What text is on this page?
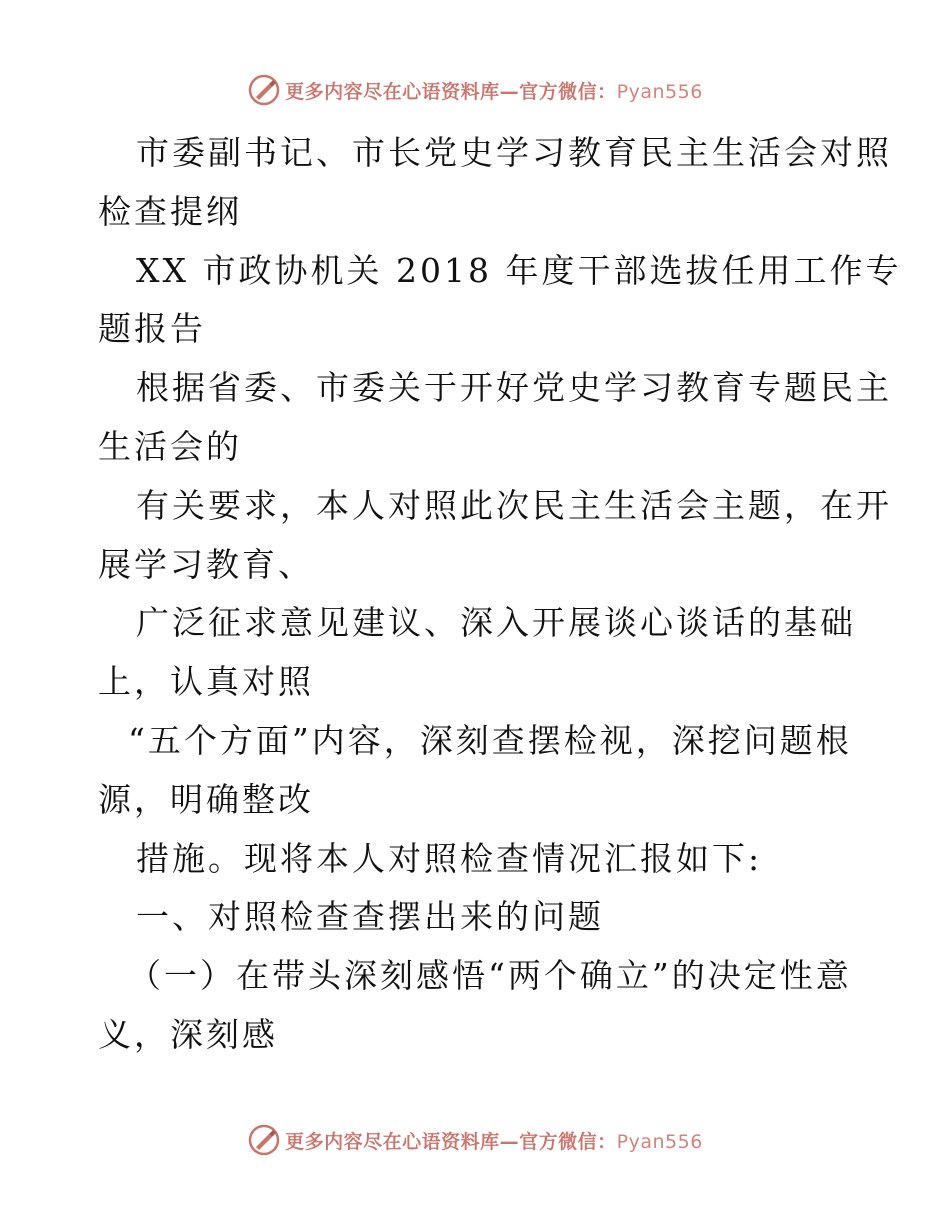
更多内容尽在心语资料库—官方微信：Pyan556
市委副书记、市长党史学习教育民主生活会对照
检查提纲
XX 市政协机关 2018 年度干部选拔任用工作专
题报告
根据省委、市委关于开好党史学习教育专题民主
生活会的
有关要求，本人对照此次民主生活会主题，在开
展学习教育、
广泛征求意见建议、深入开展谈心谈话的基础
上，认真对照
“五个方面”内容，深刻查摆检视，深挖问题根
源，明确整改
措施。现将本人对照检查情况汇报如下:
一、对照检查查摆出来的问题
（一）在带头深刻感悟“两个确立”的决定性意
义，深刻感
更多内容尽在心语资料库—官方微信：Pyan556
